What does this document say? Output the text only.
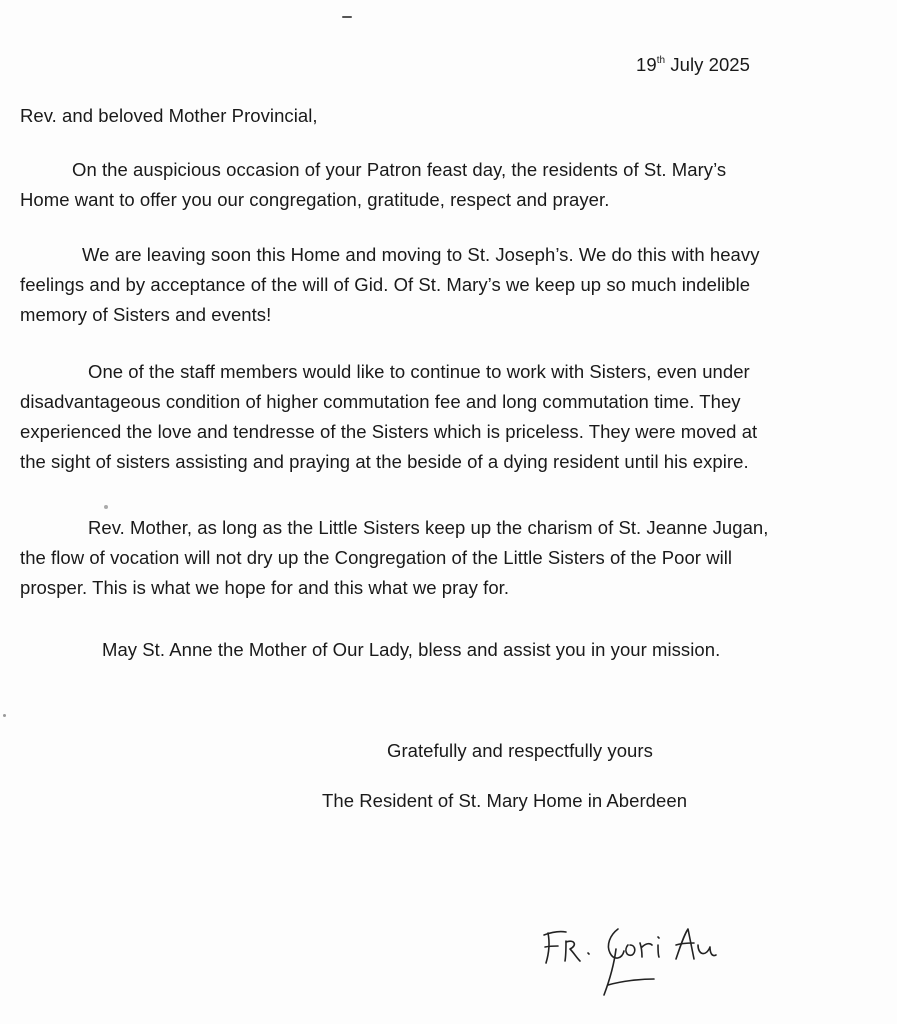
19th July 2025
Rev. and beloved Mother Provincial,

On the auspicious occasion of your Patron feast day, the residents of St. Mary’s
Home want to offer you our congregation, gratitude, respect and prayer.

We are leaving soon this Home and moving to St. Joseph’s. We do this with heavy
feelings and by acceptance of the will of Gid. Of St. Mary’s we keep up so much indelible
memory of Sisters and events!

One of the staff members would like to continue to work with Sisters, even under
disadvantageous condition of higher commutation fee and long commutation time. They
experienced the love and tendresse of the Sisters which is priceless. They were moved at
the sight of sisters assisting and praying at the beside of a dying resident until his expire.

Rev. Mother, as long as the Little Sisters keep up the charism of St. Jeanne Jugan,
the flow of vocation will not dry up the Congregation of the Little Sisters of the Poor will
prosper. This is what we hope for and this what we pray for.

May St. Anne the Mother of Our Lady, bless and assist you in your mission.

Gratefully and respectfully yours
The Resident of St. Mary Home in Aberdeen
